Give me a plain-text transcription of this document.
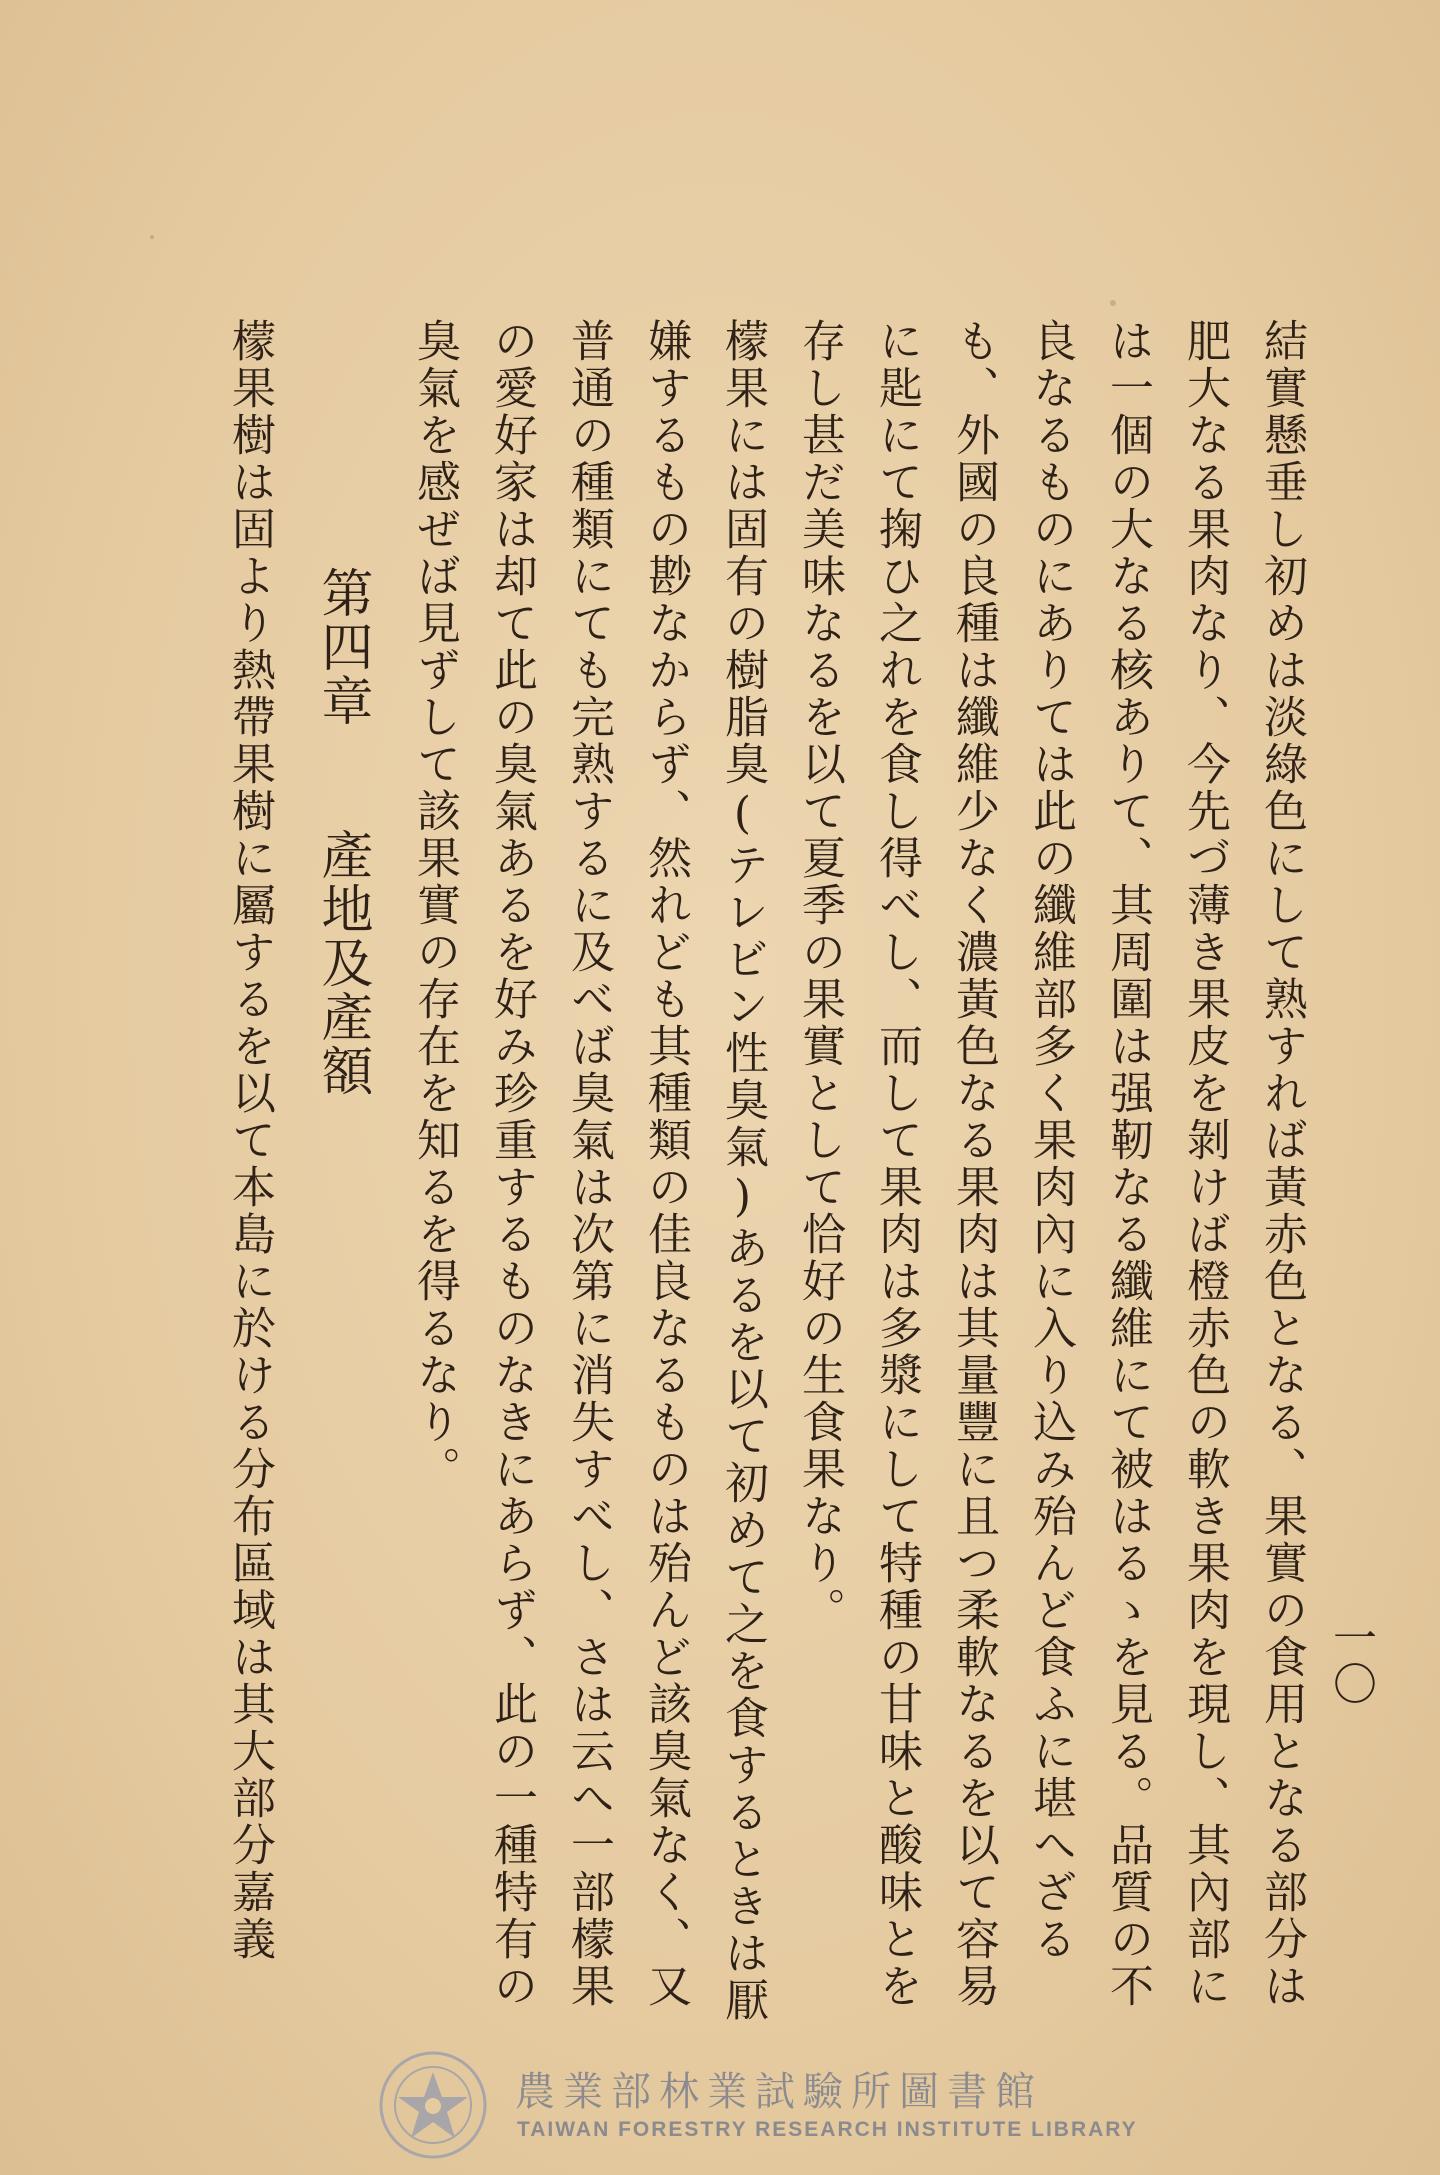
一〇

結實懸垂し初めは淡綠色にして熟すれば黃赤色となる、果實の食用となる部分は肥大なる果肉なり、今先づ薄き果皮を剝けば橙赤色の軟き果肉を現し、其內部には一個の大なる核ありて、其周圍は强靭なる纖維にて被はるゝを見る。品質の不良なるものにありては此の纖維部多く果肉內に入り込み殆んど食ふに堪へざるも、外國の良種は纖維少なく濃黃色なる果肉は其量豐に且つ柔軟なるを以て容易に匙にて掬ひ之れを食し得べし、而して果肉は多漿にして特種の甘味と酸味とを存し甚だ美味なるを以て夏季の果實として恰好の生食果なり。

檬果には固有の樹脂臭(テレビン性臭氣)あるを以て初めて之を食するときは厭嫌するもの尠なからず、然れども其種類の佳良なるものは殆んど該臭氣なく、又普通の種類にても完熟するに及べば臭氣は次第に消失すべし、さは云へ一部檬果の愛好家は却て此の臭氣あるを好み珍重するものなきにあらず、此の一種特有の臭氣を感ぜば見ずして該果實の存在を知るを得るなり。

第四章產地及產額

檬果樹は固より熱帶果樹に屬するを以て本島に於ける分布區域は其大部分嘉義

農業部林業試驗所圖書館
TAIWAN FORESTRY RESEARCH INSTITUTE LIBRARY
